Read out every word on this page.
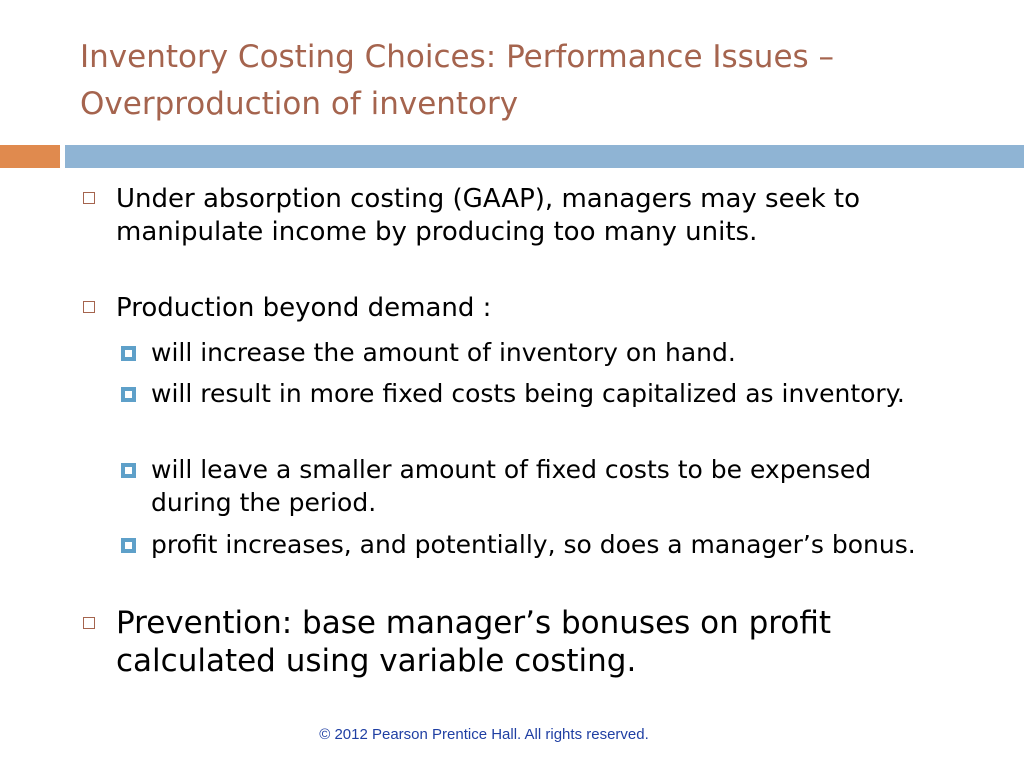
Inventory Costing Choices: Performance Issues –
Overproduction of inventory
Under absorption costing (GAAP), managers may seek to manipulate income by producing too many units.
Production beyond demand :
will increase the amount of inventory on hand.
will result in more fixed costs being capitalized as inventory.
will leave a smaller amount of fixed costs to be expensed during the period.
profit increases, and potentially, so does a manager’s bonus.
Prevention: base manager’s bonuses on profit calculated using variable costing.
© 2012 Pearson Prentice Hall. All rights reserved.
